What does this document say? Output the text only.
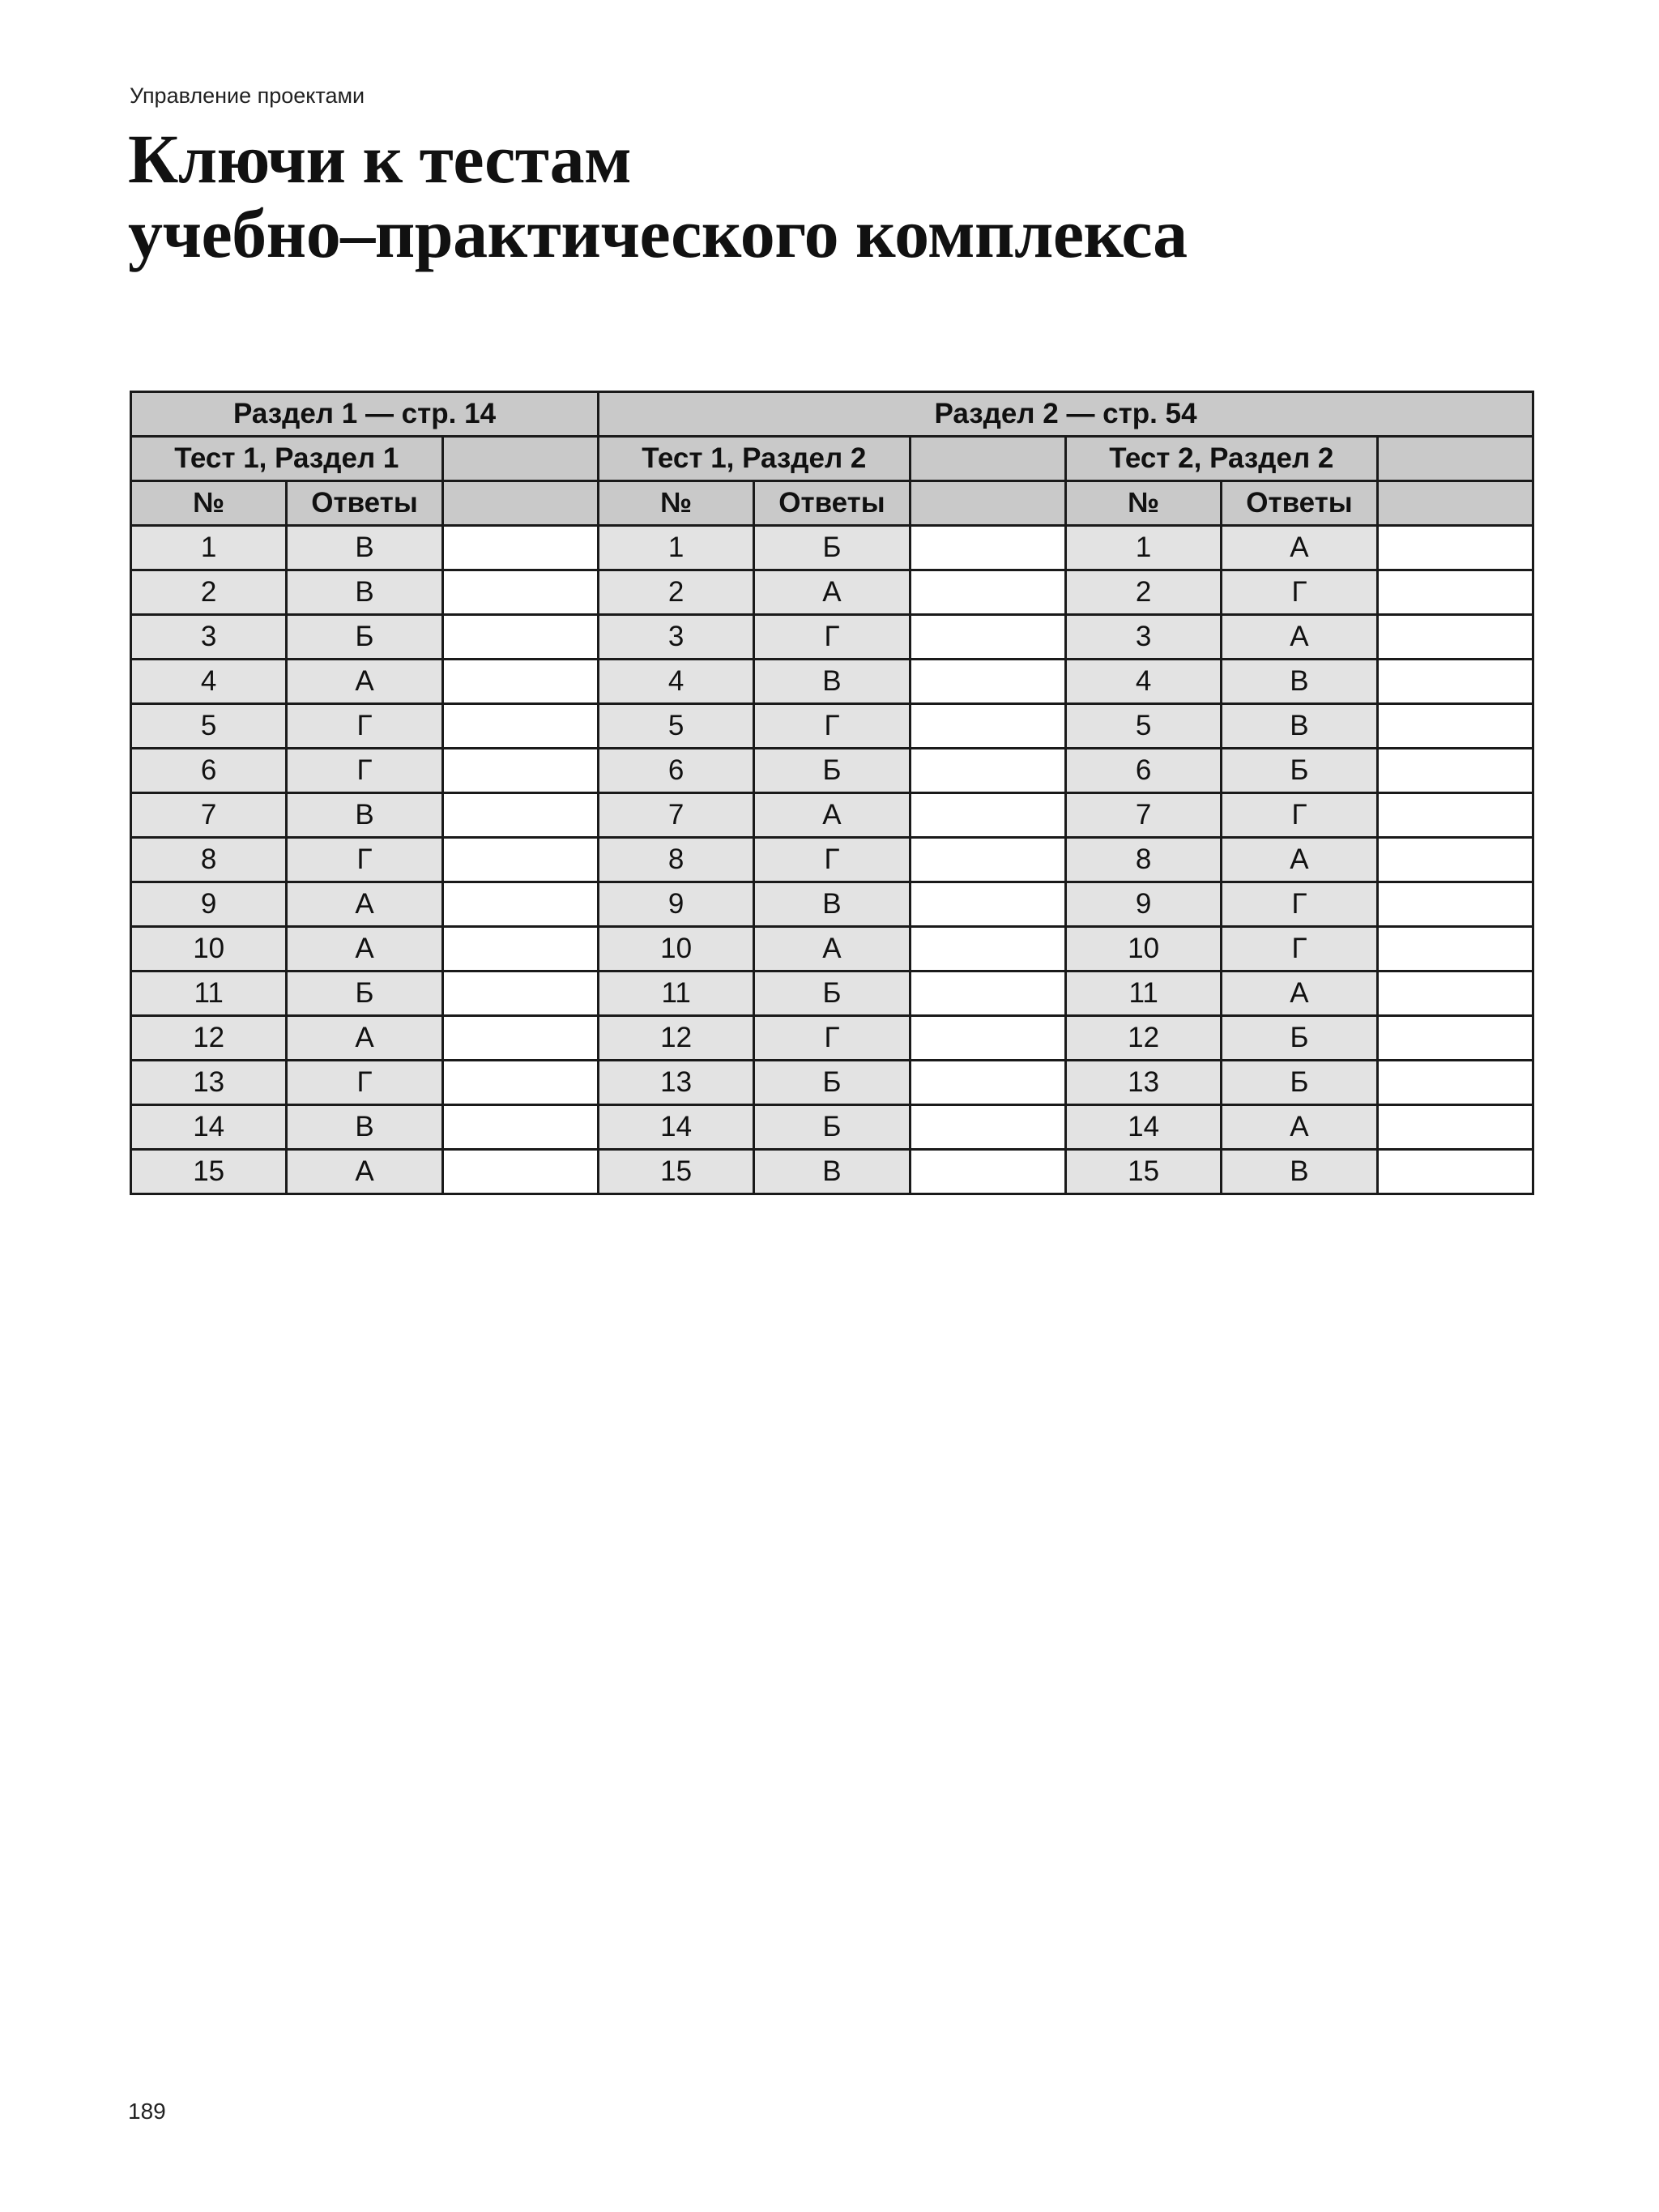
Управление проектами
Ключи к тестам
учебно–практического комплекса
Раздел 1 — стр. 14			Раздел 2 — стр. 54					
Тест 1, Раздел 1			Тест 1, Раздел 2			Тест 2, Раздел 2		
№	Ответы		№	Ответы		№	Ответы	
1	В		1	Б		1	А	
2	В		2	А		2	Г	
3	Б		3	Г		3	А	
4	А		4	В		4	В	
5	Г		5	Г		5	В	
6	Г		6	Б		6	Б	
7	В		7	А		7	Г	
8	Г		8	Г		8	А	
9	А		9	В		9	Г	
10	А		10	А		10	Г	
11	Б		11	Б		11	А	
12	А		12	Г		12	Б	
13	Г		13	Б		13	Б	
14	В		14	Б		14	А	
15	А		15	В		15	В	
189
